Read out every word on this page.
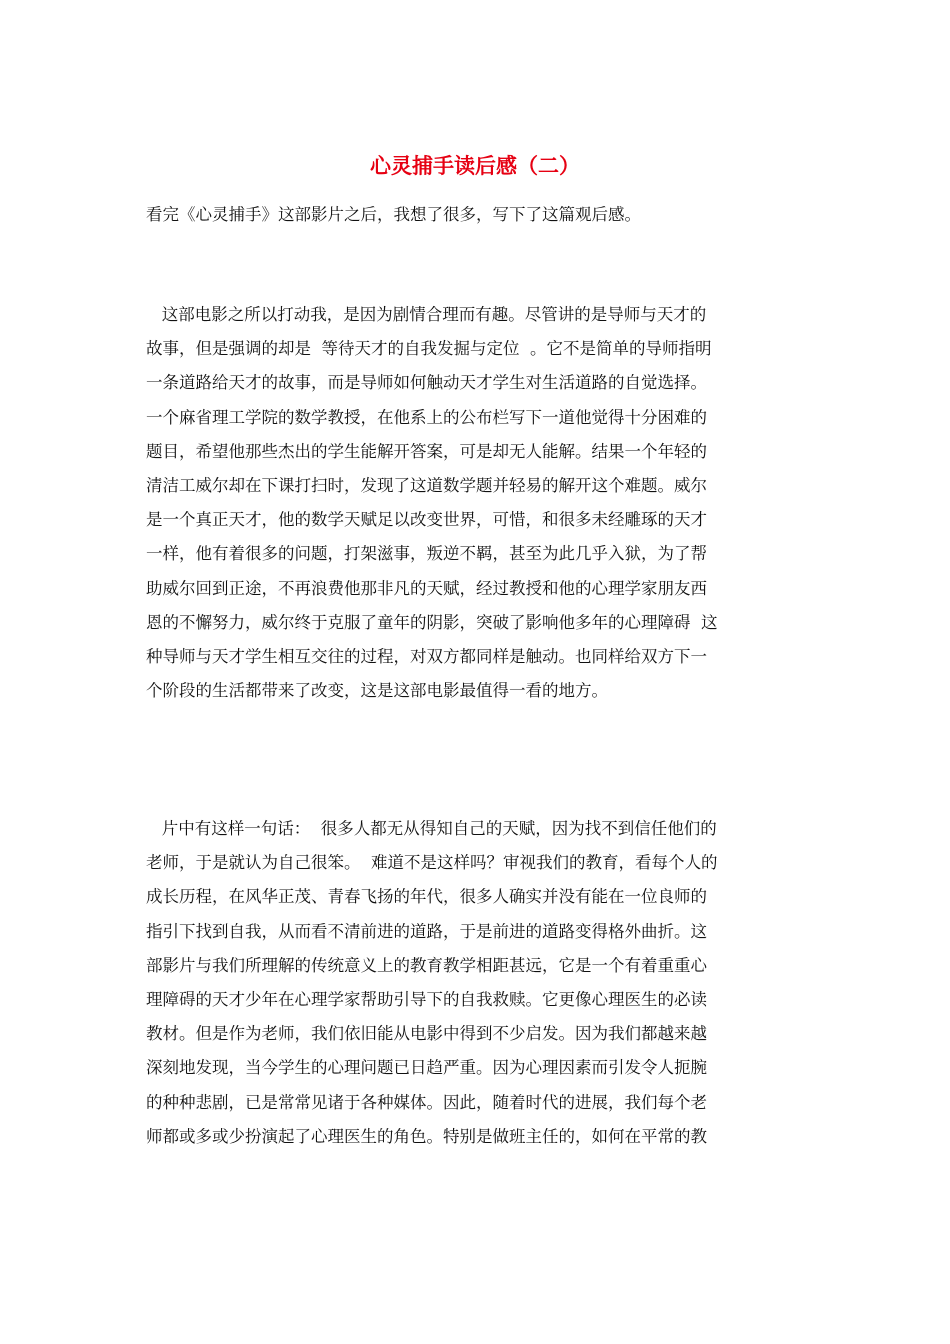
心灵捕手读后感（二）
看完《心灵捕手》这部影片之后，我想了很多，写下了这篇观后感。
这部电影之所以打动我，是因为剧情合理而有趣。尽管讲的是导师与天才的
故事，但是强调的却是  等待天才的自我发掘与定位  。它不是简单的导师指明
一条道路给天才的故事，而是导师如何触动天才学生对生活道路的自觉选择。
一个麻省理工学院的数学教授，在他系上的公布栏写下一道他觉得十分困难的
题目，希望他那些杰出的学生能解开答案，可是却无人能解。结果一个年轻的
清洁工威尔却在下课打扫时，发现了这道数学题并轻易的解开这个难题。威尔
是一个真正天才，他的数学天赋足以改变世界，可惜，和很多未经雕琢的天才
一样，他有着很多的问题，打架滋事，叛逆不羁，甚至为此几乎入狱，为了帮
助威尔回到正途，不再浪费他那非凡的天赋，经过教授和他的心理学家朋友西
恩的不懈努力，威尔终于克服了童年的阴影，突破了影响他多年的心理障碍  这
种导师与天才学生相互交往的过程，对双方都同样是触动。也同样给双方下一
个阶段的生活都带来了改变，这是这部电影最值得一看的地方。
片中有这样一句话：  很多人都无从得知自己的天赋，因为找不到信任他们的
老师，于是就认为自己很笨。  难道不是这样吗？审视我们的教育，看每个人的
成长历程，在风华正茂、青春飞扬的年代，很多人确实并没有能在一位良师的
指引下找到自我，从而看不清前进的道路，于是前进的道路变得格外曲折。这
部影片与我们所理解的传统意义上的教育教学相距甚远，它是一个有着重重心
理障碍的天才少年在心理学家帮助引导下的自我救赎。它更像心理医生的必读
教材。但是作为老师，我们依旧能从电影中得到不少启发。因为我们都越来越
深刻地发现，当今学生的心理问题已日趋严重。因为心理因素而引发令人扼腕
的种种悲剧，已是常常见诸于各种媒体。因此，随着时代的进展，我们每个老
师都或多或少扮演起了心理医生的角色。特别是做班主任的，如何在平常的教
